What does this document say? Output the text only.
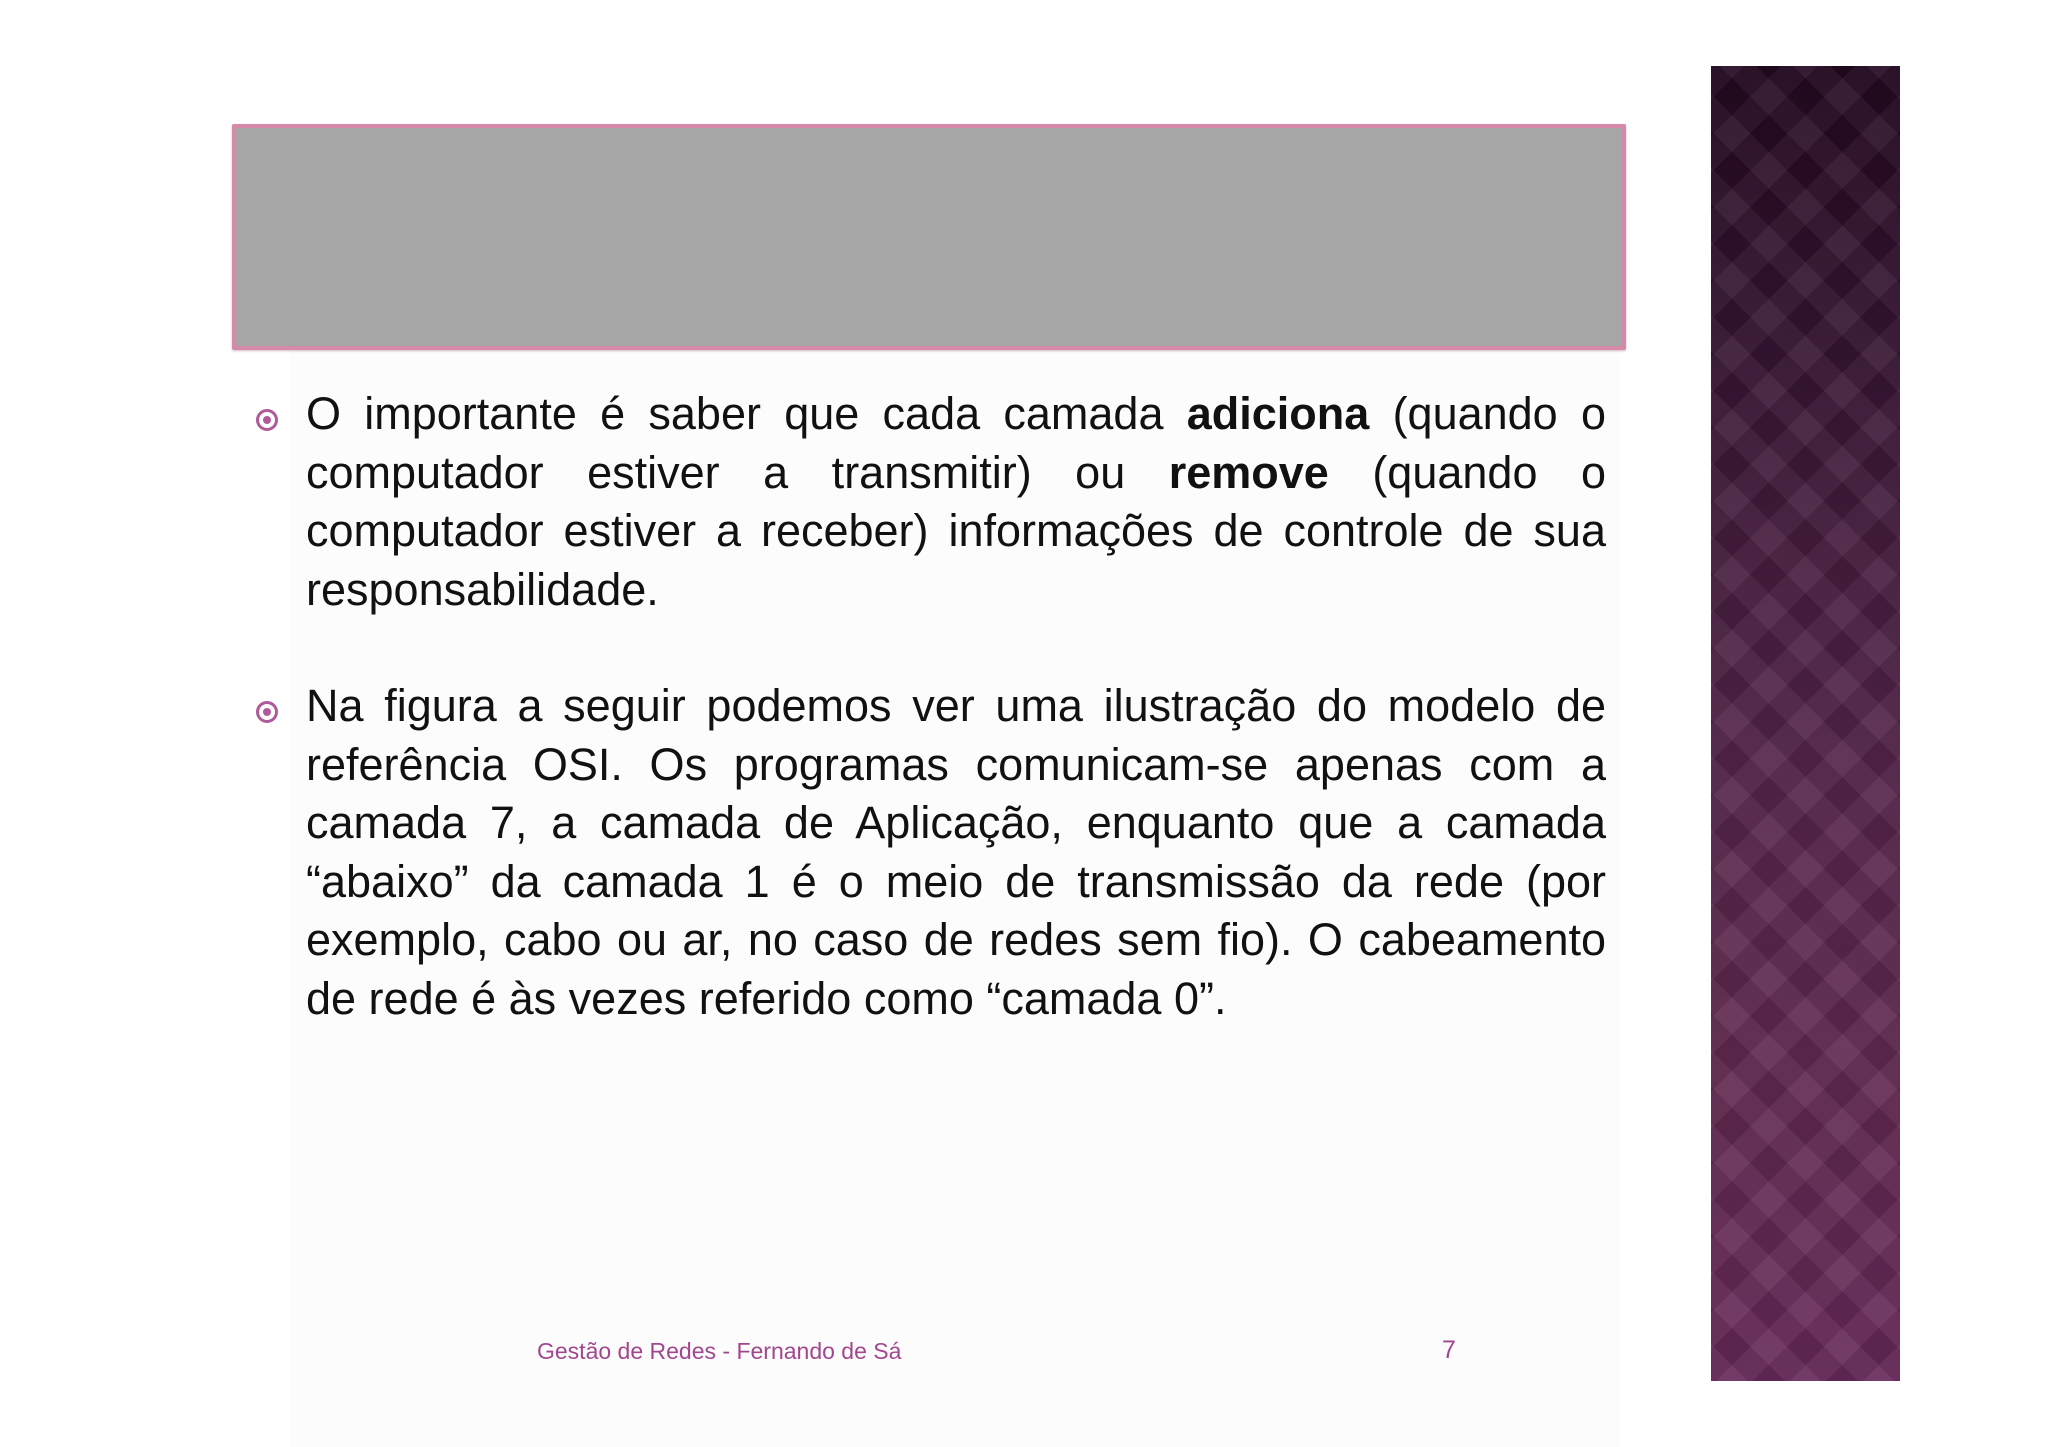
O importante é saber que cada camada adiciona (quando o computador estiver a transmitir) ou remove (quando o computador estiver a receber) informações de controle de sua responsabilidade.

Na figura a seguir podemos ver uma ilustração do modelo de referência OSI. Os programas comunicam-se apenas com a camada 7, a camada de Aplicação, enquanto que a camada “abaixo” da camada 1 é o meio de transmissão da rede (por exemplo, cabo ou ar, no caso de redes sem fio). O cabeamento de rede é às vezes referido como “camada 0”.

Gestão de Redes - Fernando de Sá	7
